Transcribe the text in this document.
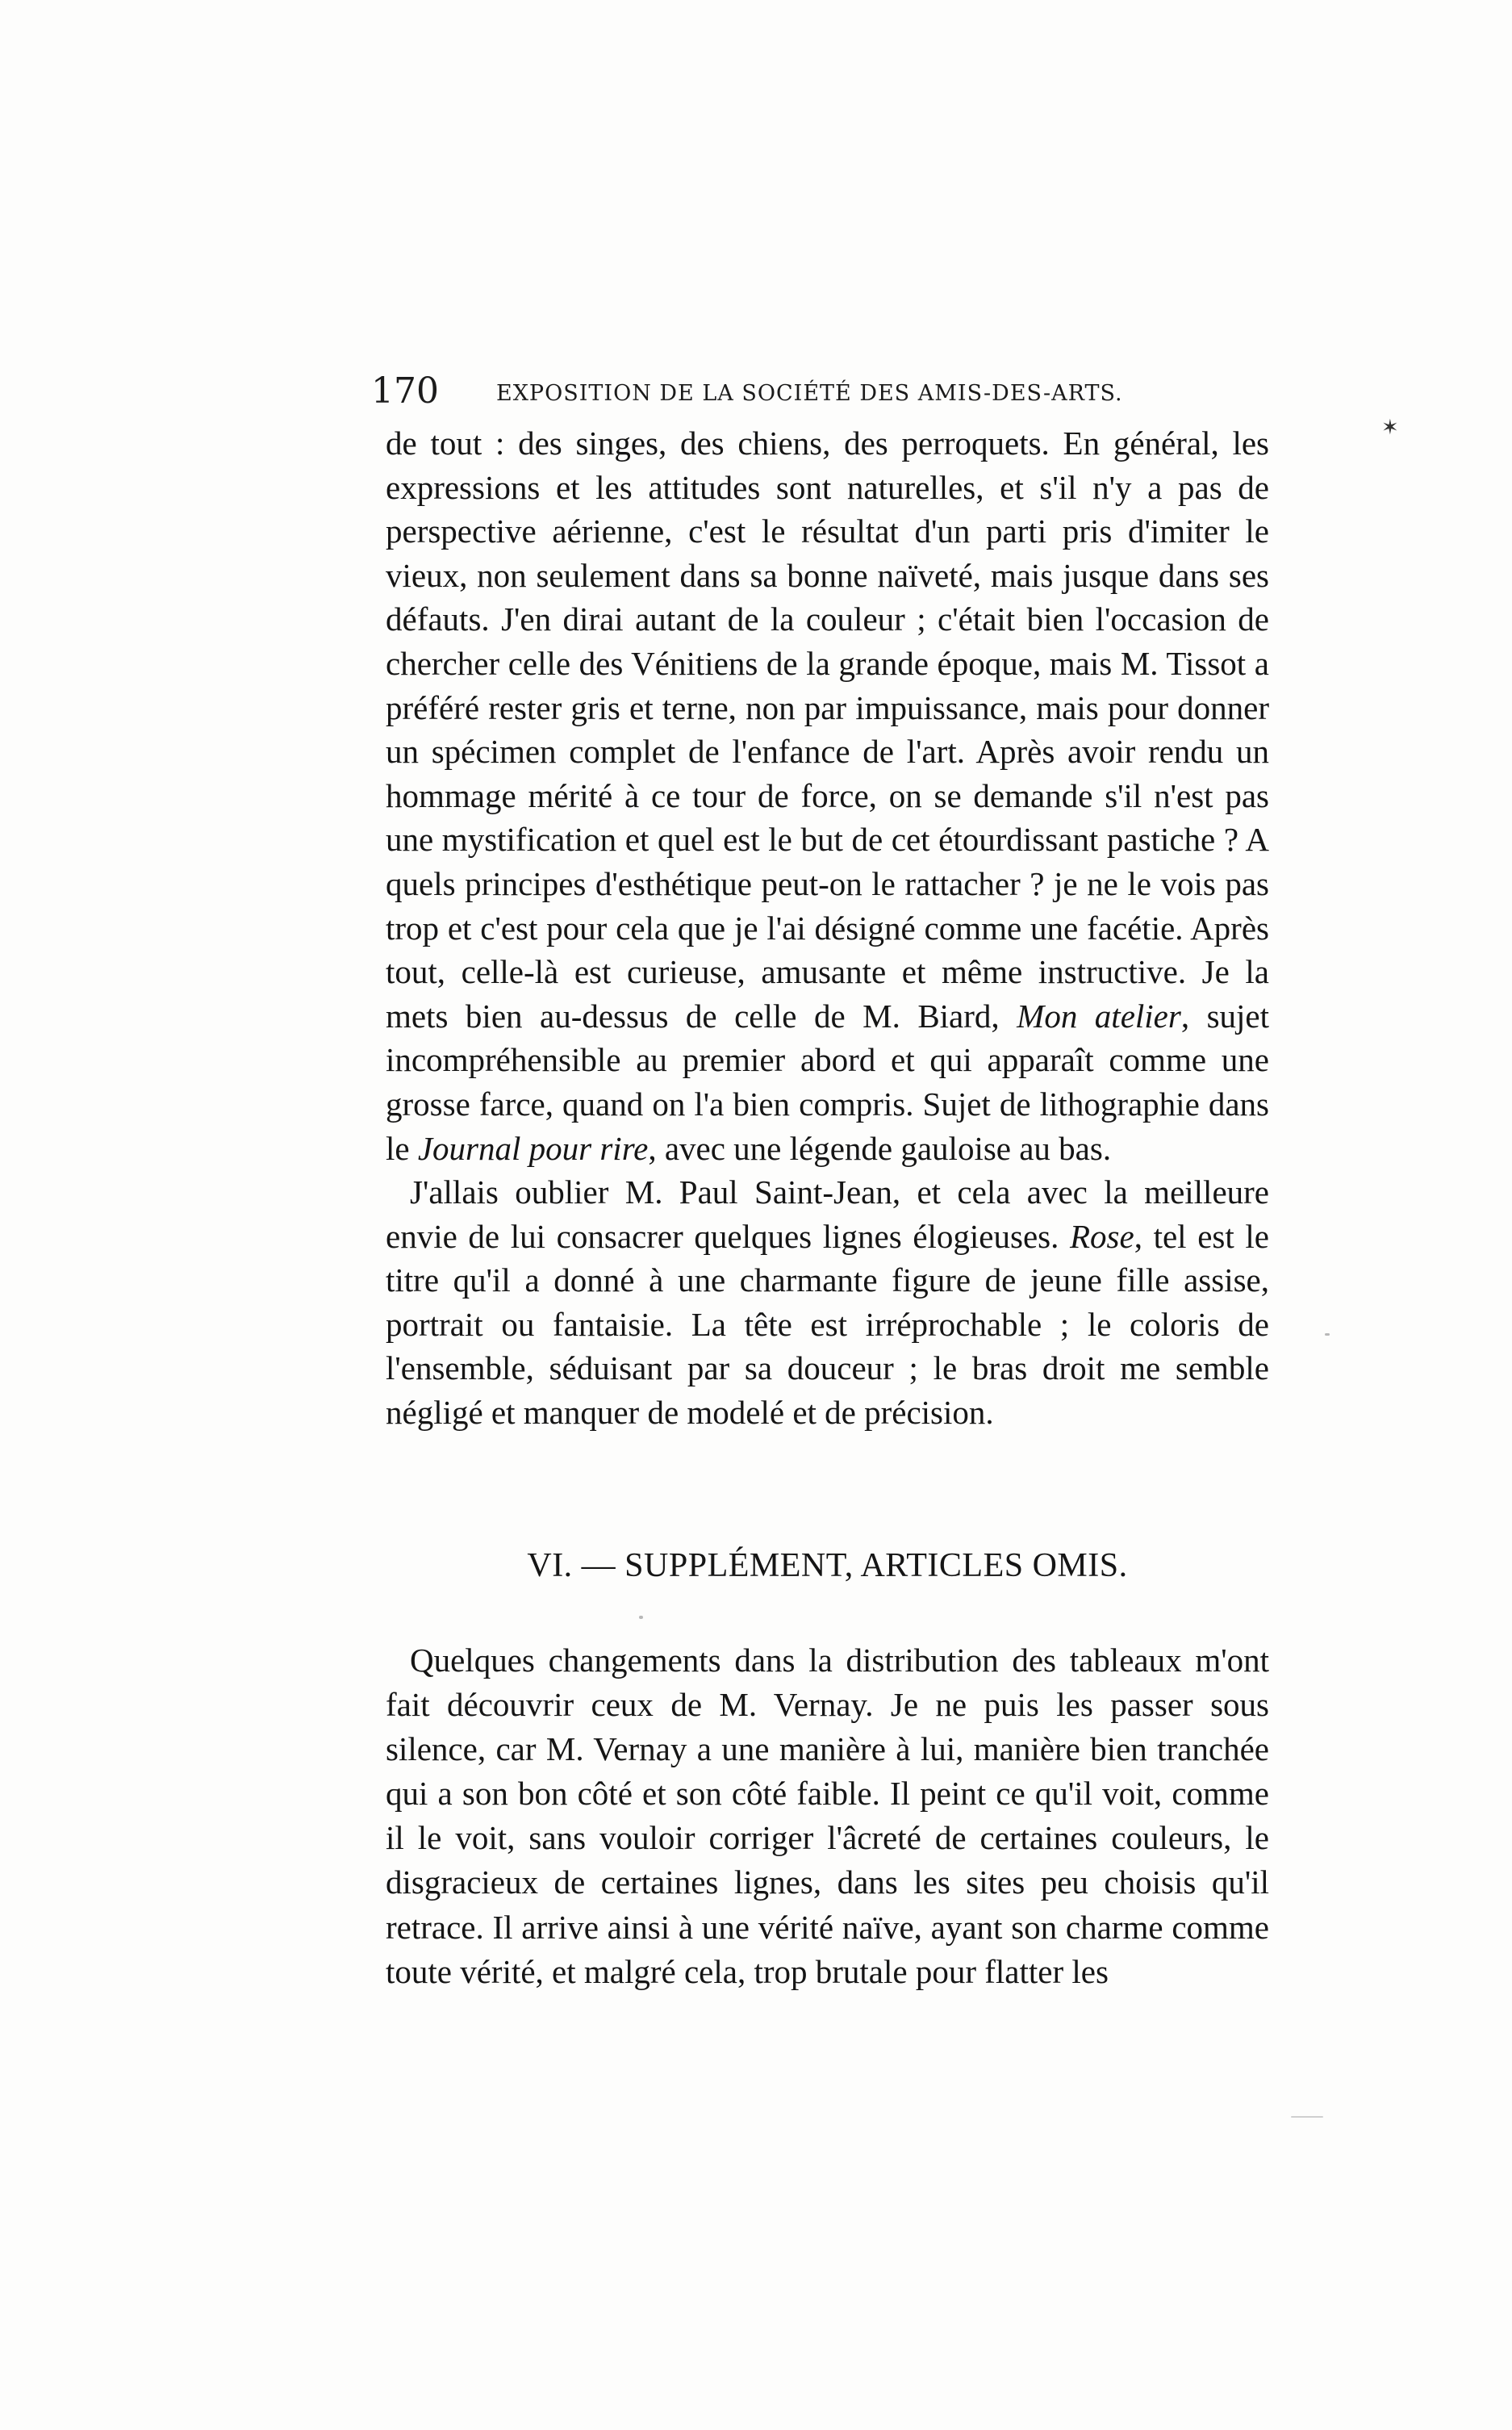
170	EXPOSITION DE LA SOCIÉTÉ DES AMIS-DES-ARTS.
✶

de tout : des singes, des chiens, des perroquets. En général, les expressions et les attitudes sont naturelles, et s'il n'y a pas de perspective aérienne, c'est le résultat d'un parti pris d'imiter le vieux, non seulement dans sa bonne naïveté, mais jusque dans ses défauts. J'en dirai autant de la couleur ; c'était bien l'occasion de chercher celle des Vénitiens de la grande époque, mais M. Tissot a préféré rester gris et terne, non par impuissance, mais pour donner un spécimen complet de l'enfance de l'art. Après avoir rendu un hommage mérité à ce tour de force, on se demande s'il n'est pas une mystification et quel est le but de cet étourdissant pastiche ? A quels principes d'esthétique peut-on le rattacher ? je ne le vois pas trop et c'est pour cela que je l'ai désigné comme une facétie. Après tout, celle-là est curieuse, amusante et même instructive. Je la mets bien au-dessus de celle de M. Biard, Mon atelier, sujet incompréhensible au premier abord et qui apparaît comme une grosse farce, quand on l'a bien compris. Sujet de lithographie dans le Journal pour rire, avec une légende gauloise au bas.

J'allais oublier M. Paul Saint-Jean, et cela avec la meilleure envie de lui consacrer quelques lignes élogieuses. Rose, tel est le titre qu'il a donné à une charmante figure de jeune fille assise, portrait ou fantaisie. La tête est irréprochable ; le coloris de l'ensemble, séduisant par sa douceur ; le bras droit me semble négligé et manquer de modelé et de précision.

VI. — SUPPLÉMENT, ARTICLES OMIS.

Quelques changements dans la distribution des tableaux m'ont fait découvrir ceux de M. Vernay. Je ne puis les passer sous silence, car M. Vernay a une manière à lui, manière bien tranchée qui a son bon côté et son côté faible. Il peint ce qu'il voit, comme il le voit, sans vouloir corriger l'âcreté de certaines couleurs, le disgracieux de certaines lignes, dans les sites peu choisis qu'il retrace. Il arrive ainsi à une vérité naïve, ayant son charme comme toute vérité, et malgré cela, trop brutale pour flatter les
